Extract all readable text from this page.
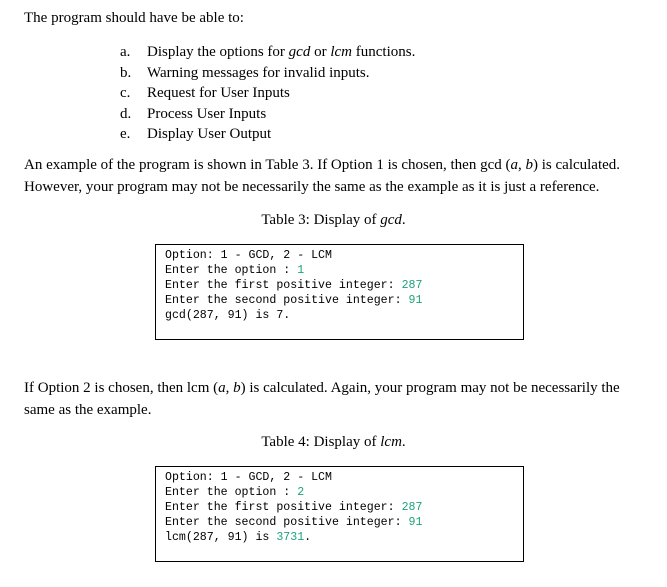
The program should have be able to:
a.	Display the options for gcd or lcm functions.
b.	Warning messages for invalid inputs.
c.	Request for User Inputs
d.	Process User Inputs
e.	Display User Output
An example of the program is shown in Table 3. If Option 1 is chosen, then gcd (a, b) is calculated.
However, your program may not be necessarily the same as the example as it is just a reference.
Table 3: Display of gcd.
Option: 1 - GCD, 2 - LCM
Enter the option : 1
Enter the first positive integer: 287
Enter the second positive integer: 91
gcd(287, 91) is 7.
If Option 2 is chosen, then lcm (a, b) is calculated. Again, your program may not be necessarily the
same as the example.
Table 4: Display of lcm.
Option: 1 - GCD, 2 - LCM
Enter the option : 2
Enter the first positive integer: 287
Enter the second positive integer: 91
lcm(287, 91) is 3731.
